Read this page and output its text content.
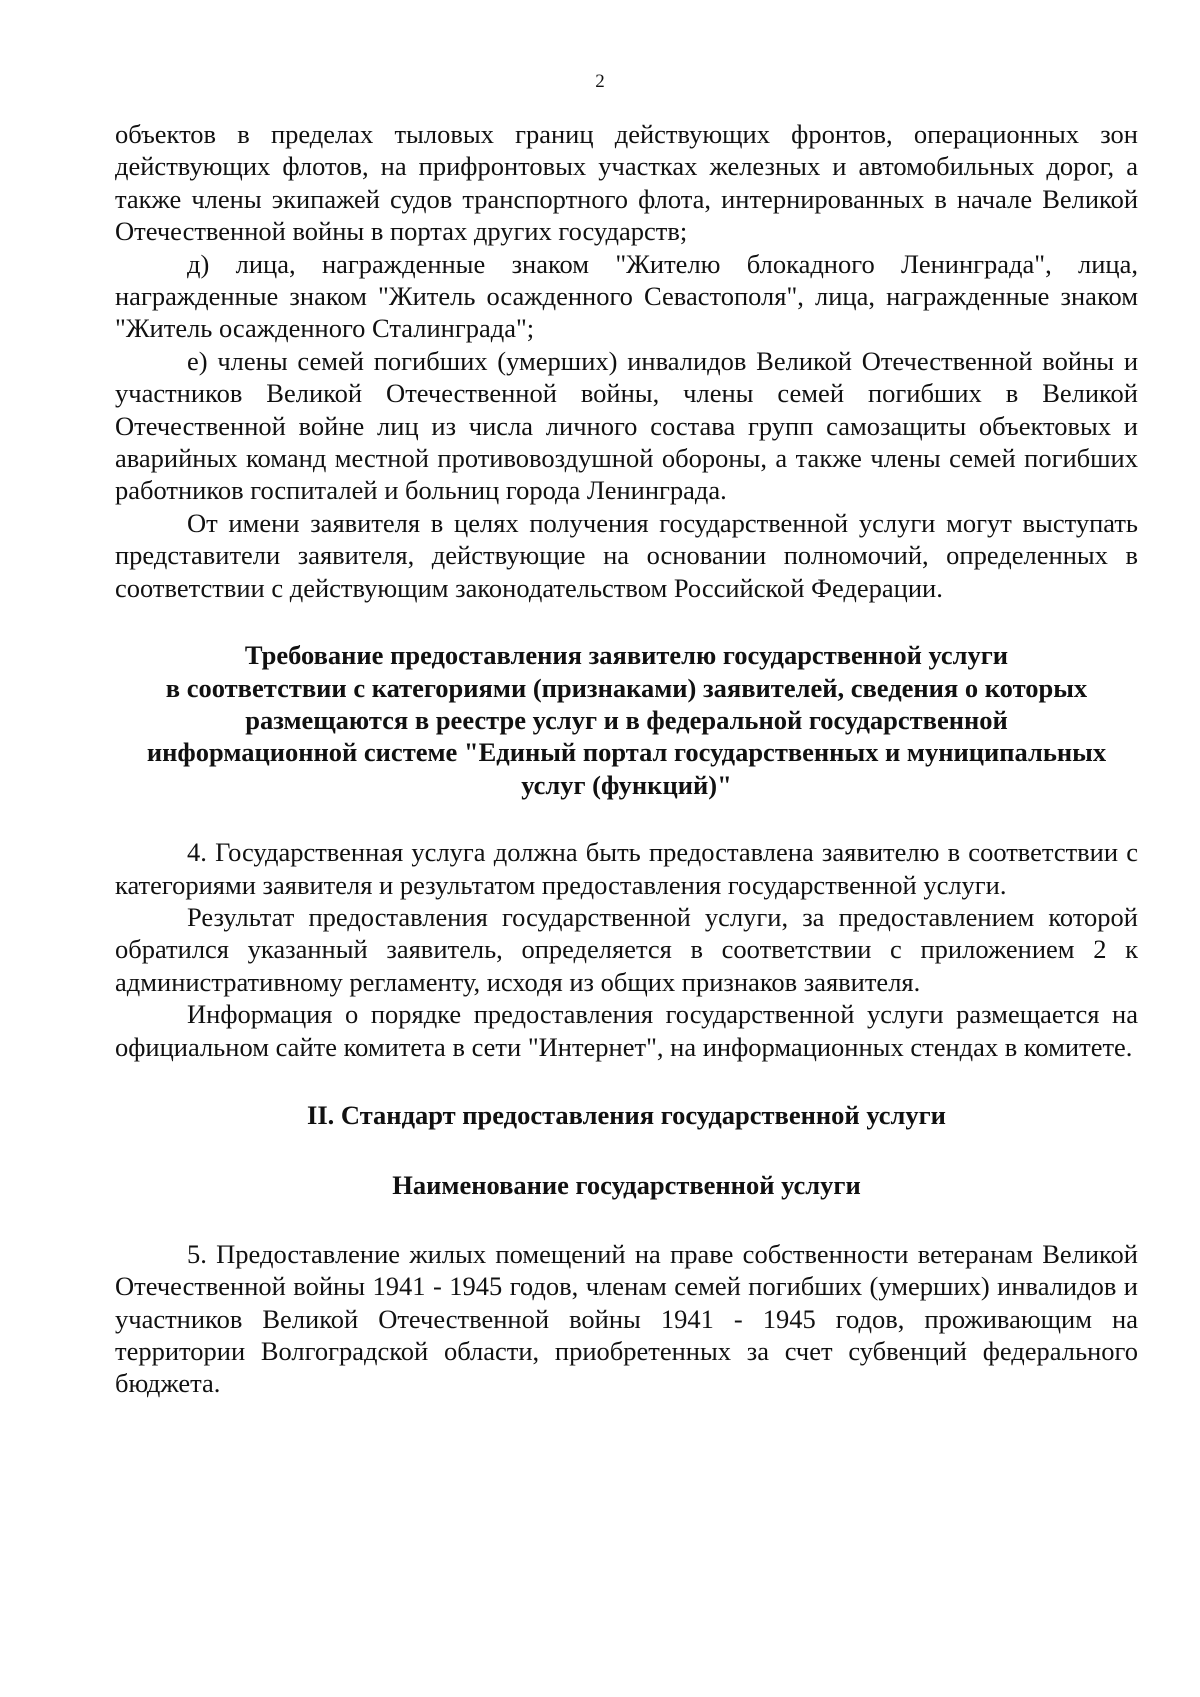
2

объектов в пределах тыловых границ действующих фронтов, операционных зон действующих флотов, на прифронтовых участках железных и автомобильных дорог, а также члены экипажей судов транспортного флота, интернированных в начале Великой Отечественной войны в портах других государств;

д) лица, награжденные знаком "Жителю блокадного Ленинграда", лица, награжденные знаком "Житель осажденного Севастополя", лица, награжденные знаком "Житель осажденного Сталинграда";

е) члены семей погибших (умерших) инвалидов Великой Отечественной войны и участников Великой Отечественной войны, члены семей погибших в Великой Отечественной войне лиц из числа личного состава групп самозащиты объектовых и аварийных команд местной противовоздушной обороны, а также члены семей погибших работников госпиталей и больниц города Ленинграда.

От имени заявителя в целях получения государственной услуги могут выступать представители заявителя, действующие на основании полномочий, определенных в соответствии с действующим законодательством Российской Федерации.

Требование предоставления заявителю государственной услуги
в соответствии с категориями (признаками) заявителей, сведения о которых
размещаются в реестре услуг и в федеральной государственной
информационной системе "Единый портал государственных и муниципальных
услуг (функций)"

4. Государственная услуга должна быть предоставлена заявителю в соответствии с категориями заявителя и результатом предоставления государственной услуги.

Результат предоставления государственной услуги, за предоставлением которой обратился указанный заявитель, определяется в соответствии с приложением 2 к административному регламенту, исходя из общих признаков заявителя.

Информация о порядке предоставления государственной услуги размещается на официальном сайте комитета в сети "Интернет", на информационных стендах в комитете.

II. Стандарт предоставления государственной услуги
Наименование государственной услуги

5. Предоставление жилых помещений на праве собственности ветеранам Великой Отечественной войны 1941 - 1945 годов, членам семей погибших (умерших) инвалидов и участников Великой Отечественной войны 1941 - 1945 годов, проживающим на территории Волгоградской области, приобретенных за счет субвенций федерального бюджета.
